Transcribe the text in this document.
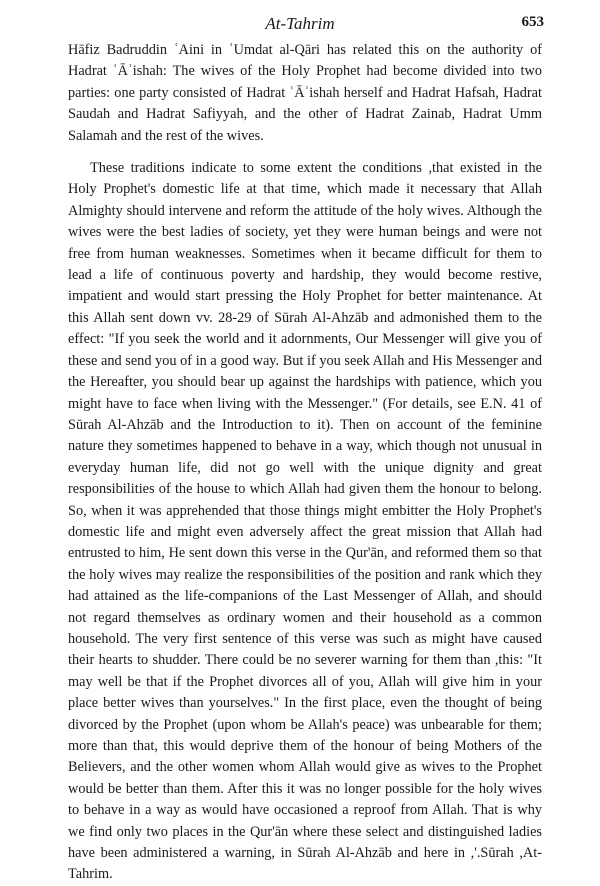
At-Tahrim	653

Hāfiz Badruddin ʿAini in ʿUmdat al-Qāri has related this on the authority of Hadrat ʿĀʾishah: The wives of the Holy Prophet had become divided into two parties: one party consisted of Hadrat ʿĀʾishah herself and Hadrat Hafsah, Hadrat Saudah and Hadrat Safiyyah, and the other of Hadrat Zainab, Hadrat Umm Salamah and the rest of the wives.

These traditions indicate to some extent the conditions ,that existed in the Holy Prophet's domestic life at that time, which made it necessary that Allah Almighty should intervene and reform the attitude of the holy wives. Although the wives were the best ladies of society, yet they were human beings and were not free from human weaknesses. Sometimes when it became difficult for them to lead a life of continuous poverty and hardship, they would become restive, impatient and would start pressing the Holy Prophet for better maintenance. At this Allah sent down vv. 28-29 of Sūrah Al-Ahzāb and admonished them to the effect: "If you seek the world and it adornments, Our Messenger will give you of these and send you of in a good way. But if you seek Allah and His Messenger and the Hereafter, you should bear up against the hardships with patience, which you might have to face when living with the Messenger." (For details, see E.N. 41 of Sūrah Al-Ahzāb and the Introduction to it). Then on account of the feminine nature they sometimes happened to behave in a way, which though not unusual in everyday human life, did not go well with the unique dignity and great responsibilities of the house to which Allah had given them the honour to belong. So, when it was apprehended that those things might embitter the Holy Prophet's domestic life and might even adversely affect the great mission that Allah had entrusted to him, He sent down this verse in the Qur'ān, and reformed them so that the holy wives may realize the responsibilities of the position and rank which they had attained as the life-companions of the Last Messenger of Allah, and should not regard themselves as ordinary women and their household as a common household. The very first sentence of this verse was such as might have caused their hearts to shudder. There could be no severer warning for them than ,this: "It may well be that if the Prophet divorces all of you, Allah will give him in your place better wives than yourselves." In the first place, even the thought of being divorced by the Prophet (upon whom be Allah's peace) was unbearable for them; more than that, this would deprive them of the honour of being Mothers of the Believers, and the other women whom Allah would give as wives to the Prophet would be better than them. After this it was no longer possible for the holy wives to behave in a way as would have occasioned a reproof from Allah. That is why we find only two places in the Qur'ān where these select and distinguished ladies have been administered a warning, in Sūrah Al-Ahzāb and here in ,'.Sūrah ,At-Tahrim.
